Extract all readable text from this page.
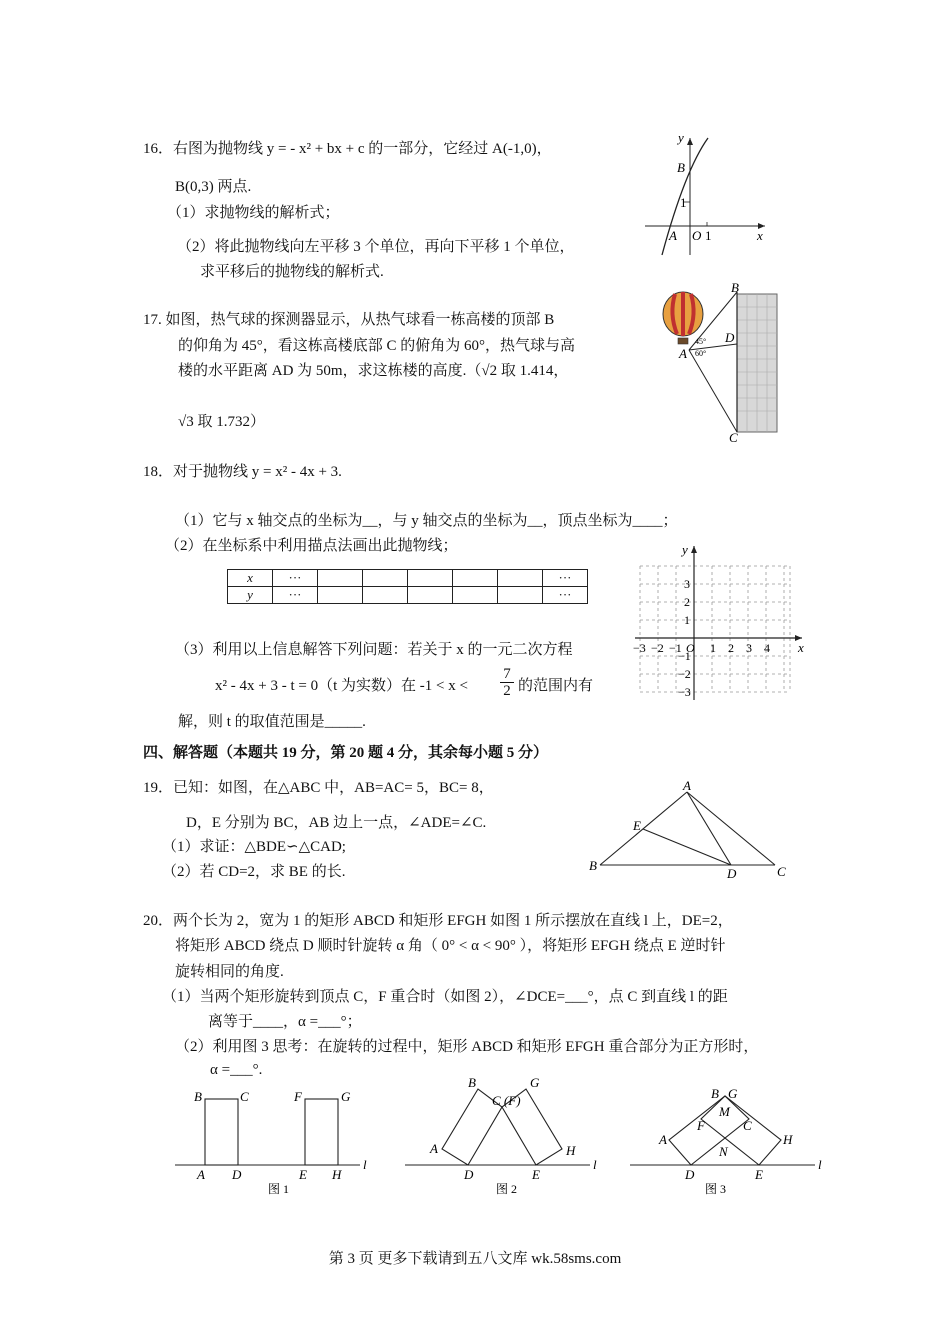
16．右图为抛物线 y = - x² + bx + c 的一部分，它经过 A(-1,0)，
B(0,3) 两点.
（1）求抛物线的解析式；
（2）将此抛物线向左平移 3 个单位，再向下平移 1 个单位，
求平移后的抛物线的解析式.
y
B
1
A O 1	x
17. 如图，热气球的探测器显示，从热气球看一栋高楼的顶部 B
的仰角为 45°，看这栋高楼底部 C 的俯角为 60°，热气球与高
楼的水平距离 AD 为 50m，求这栋楼的高度.（√2 取 1.414，
√3 取 1.732）
B
D
A
C
45°
60°
18．对于抛物线 y = x² - 4x + 3.
（1）它与 x 轴交点的坐标为__，与 y 轴交点的坐标为__，顶点坐标为____；
（2）在坐标系中利用描点法画出此抛物线；
x	···						···
y	···						···
（3）利用以上信息解答下列问题：若关于 x 的一元二次方程
x² - 4x + 3 - t = 0（t 为实数）在 $-1 < x < \frac{7}{2}$ 的范围内有
解，则 t 的取值范围是_____.
y
x
O
−3 −2 −1 1 2 3 4
3
2
1
−1
−2
−3
四、解答题（本题共 19 分，第 20 题 4 分，其余每小题 5 分）
19．已知：如图，在△ABC 中，AB=AC= 5，BC= 8，
D，E 分别为 BC，AB 边上一点，∠ADE=∠C.
（1）求证：△BDE∽△CAD;
（2）若 CD=2，求 BE 的长.
A
E
B
D	C
20．两个长为 2，宽为 1 的矩形 ABCD 和矩形 EFGH 如图 1 所示摆放在直线 l 上，DE=2，
将矩形 ABCD 绕点 D 顺时针旋转 α 角（ 0° < α < 90° ），将矩形 EFGH 绕点 E 逆时针
旋转相同的角度.
（1）当两个矩形旋转到顶点 C，F 重合时（如图 2），∠DCE=___°，点 C 到直线 l 的距
离等于____，α =___°；
（2）利用图 3 思考：在旋转的过程中，矩形 ABCD 和矩形 EFGH 重合部分为正方形时，
α =___°.
B	C	F	G
A D	E H
l
图 1
B
C (F)
G
A	H
D	E
l
图 2
B G
M
F	C
A	H
N
D	E
l
图 3
第 3 页 更多下载请到五八文库 wk.58sms.com
